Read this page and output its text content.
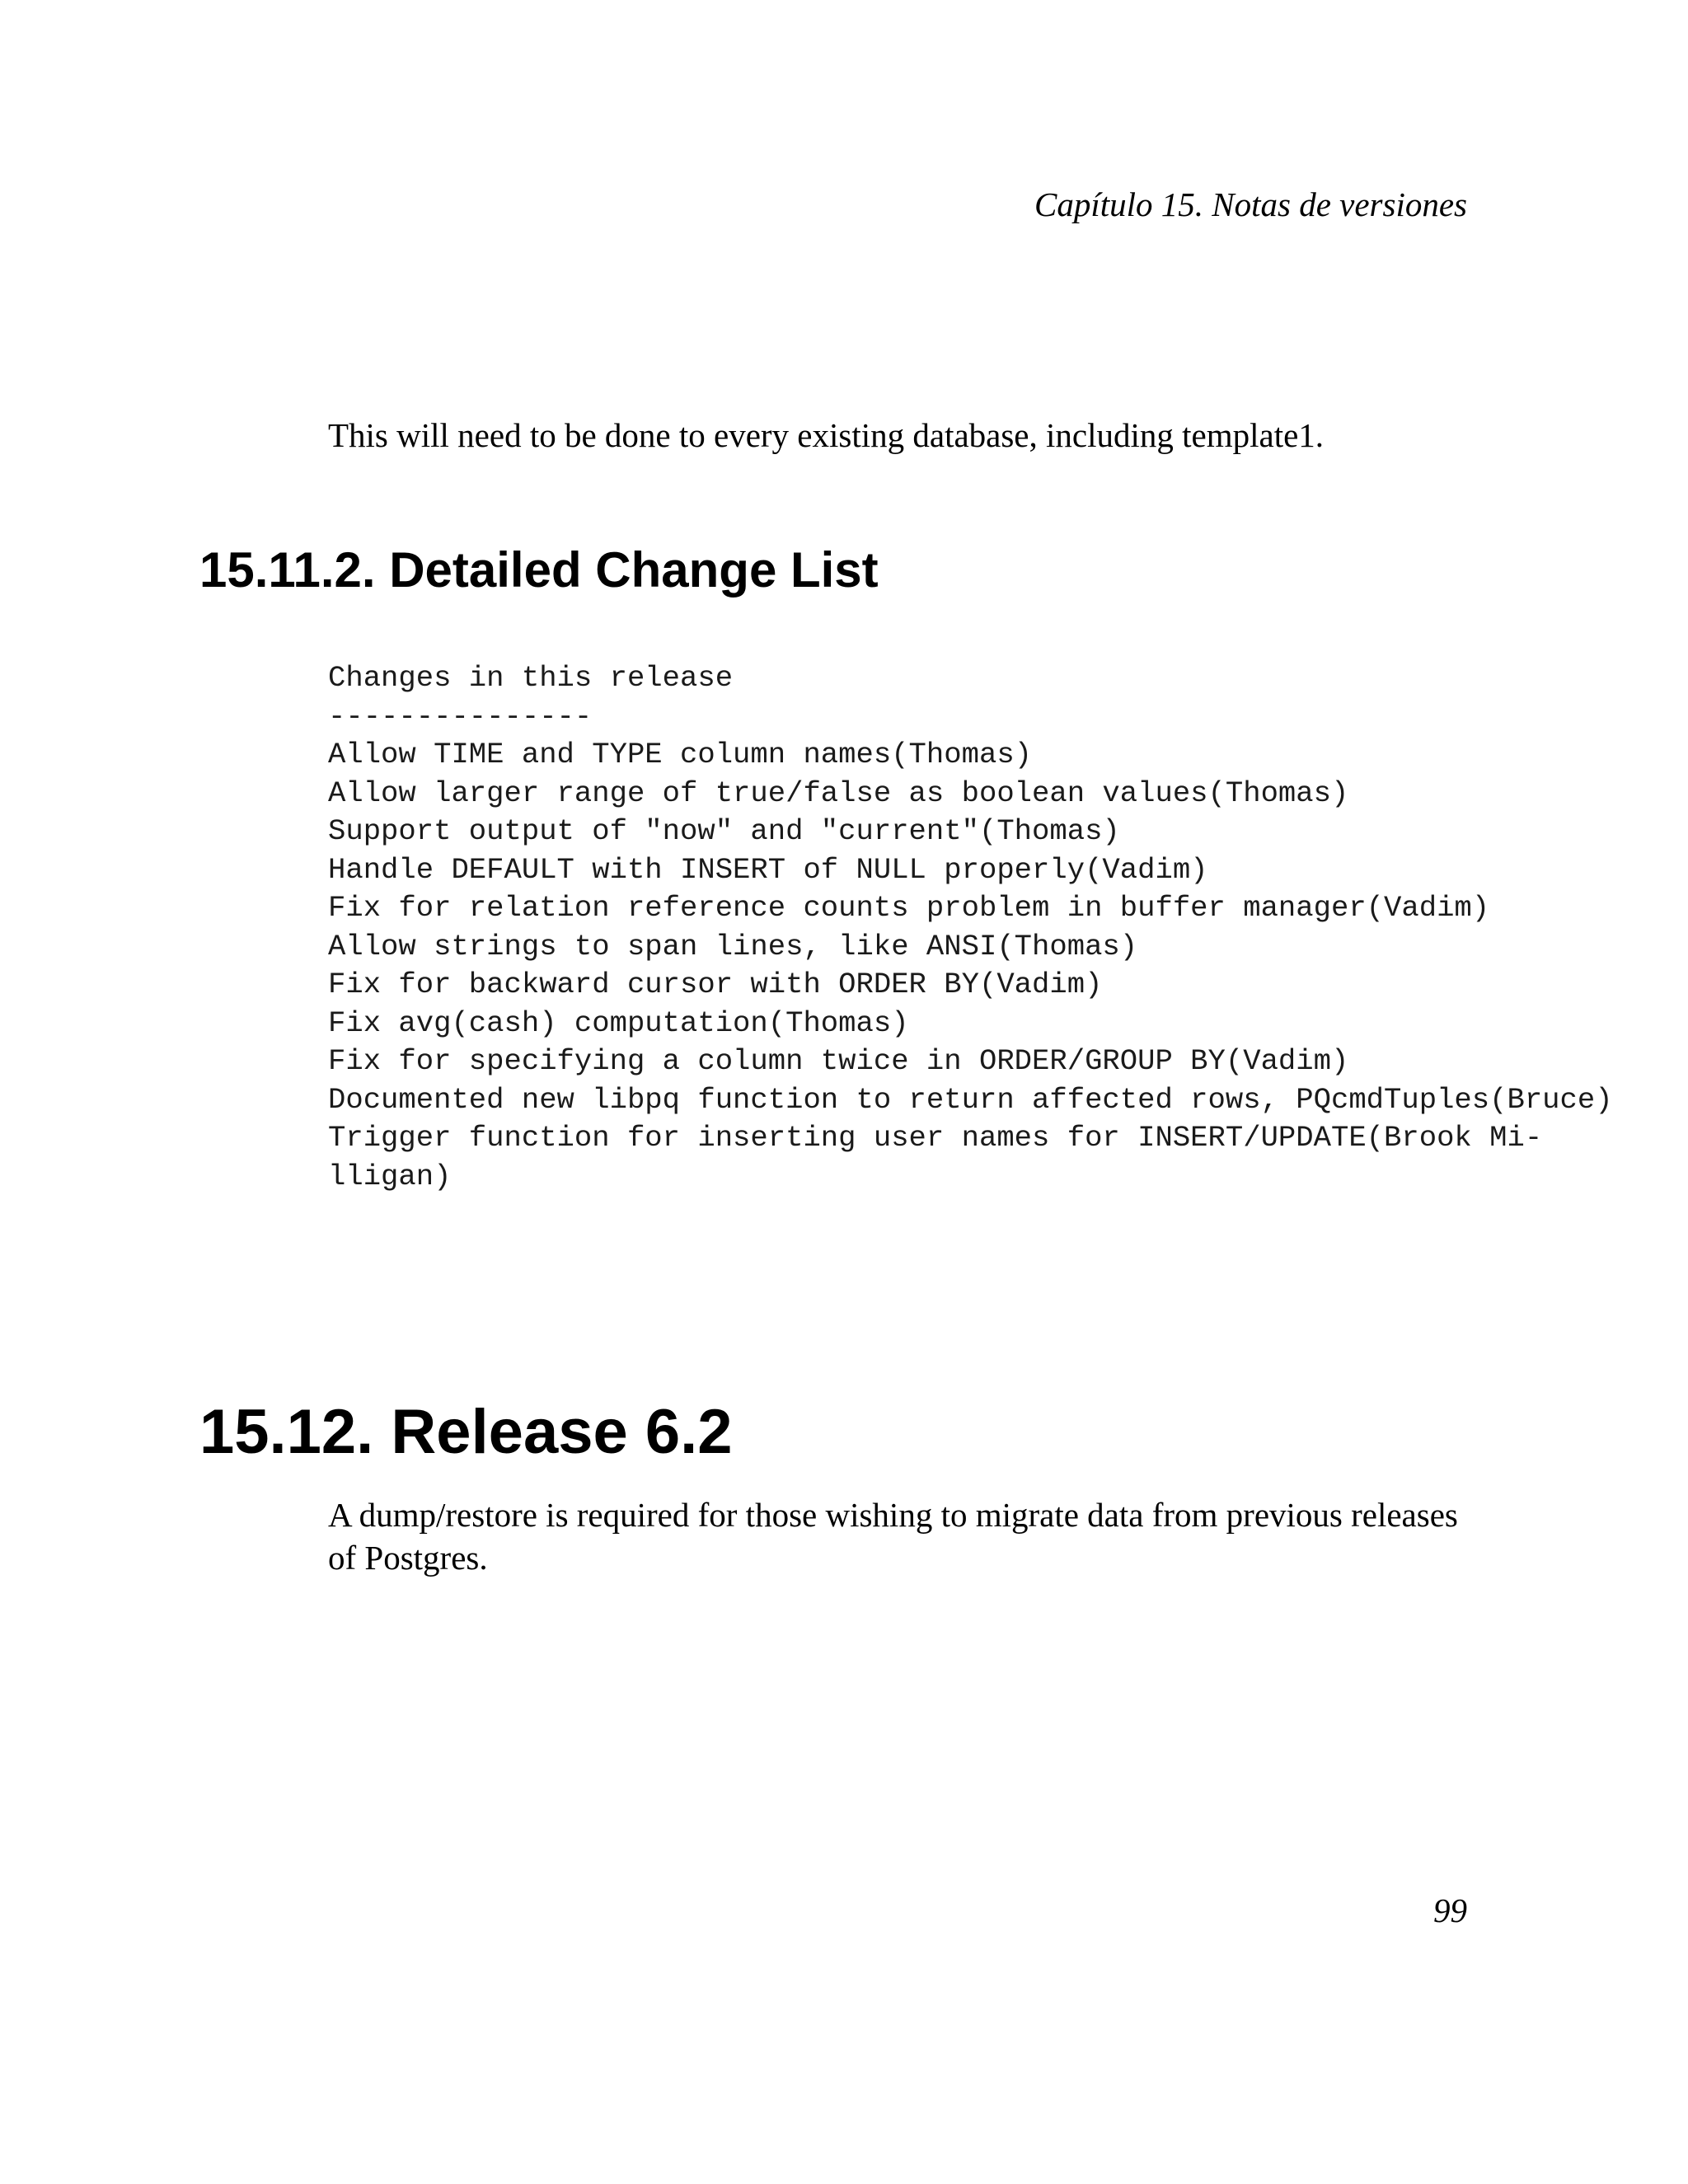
Capítulo 15. Notas de versiones

This will need to be done to every existing database, including template1.

15.11.2. Detailed Change List
Changes in this release
---------------
Allow TIME and TYPE column names(Thomas)
Allow larger range of true/false as boolean values(Thomas)
Support output of "now" and "current"(Thomas)
Handle DEFAULT with INSERT of NULL properly(Vadim)
Fix for relation reference counts problem in buffer manager(Vadim)
Allow strings to span lines, like ANSI(Thomas)
Fix for backward cursor with ORDER BY(Vadim)
Fix avg(cash) computation(Thomas)
Fix for specifying a column twice in ORDER/GROUP BY(Vadim)
Documented new libpq function to return affected rows, PQcmdTuples(Bruce)
Trigger function for inserting user names for INSERT/UPDATE(Brook Mi-
lligan)
15.12. Release 6.2

A dump/restore is required for those wishing to migrate data from previous releases of Postgres.

99
